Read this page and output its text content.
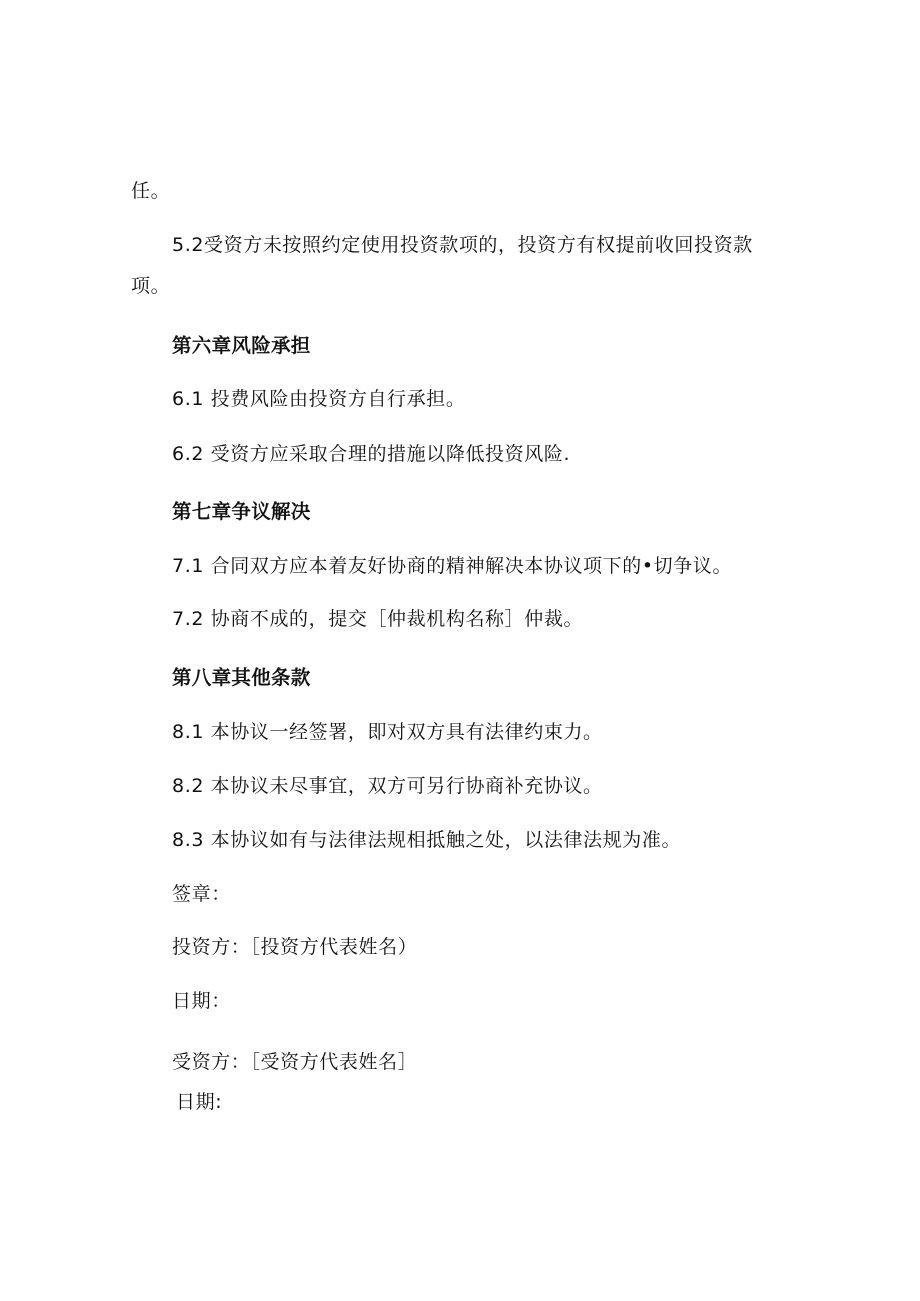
任。
5.2受资方未按照约定使用投资款项的，投资方有权提前收回投资款
项。
第六章风险承担
6.1 投费风险由投资方自行承担。
6.2 受资方应采取合理的措施以降低投资风险.
第七章争议解决
7.1 合同双方应本着友好协商的精神解决本协议项下的•切争议。
7.2 协商不成的，提交［仲裁机构名称］仲裁。
第八章其他条款
8.1 本协议一经签署，即对双方具有法律约束力。
8.2 本协议未尽事宜，双方可另行协商补充协议。
8.3 本协议如有与法律法规相抵触之处，以法律法规为准。
签章：
投资方：［投资方代表姓名）
日期：
受资方：［受资方代表姓名］
日期:
